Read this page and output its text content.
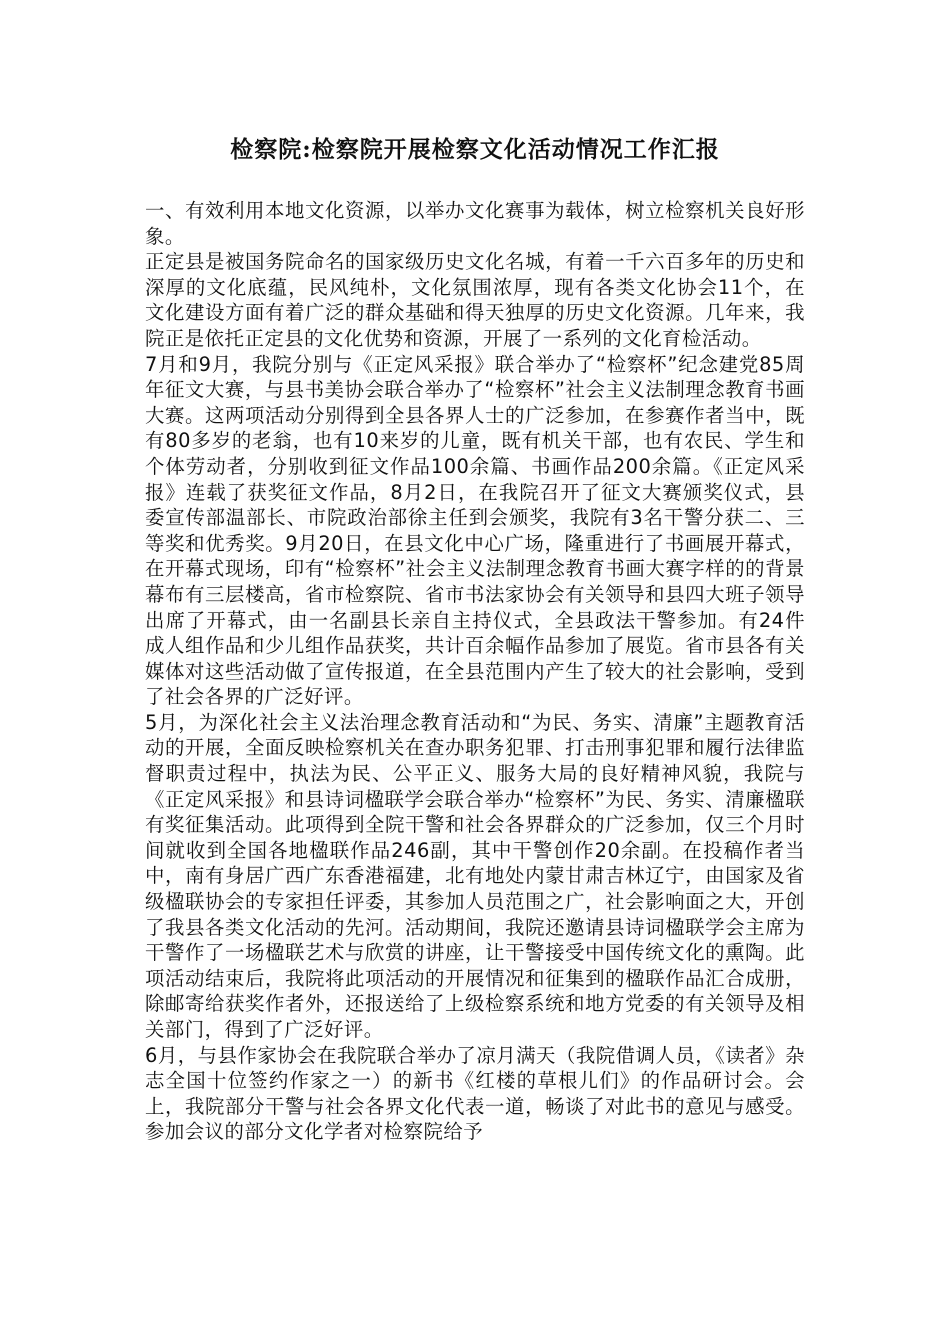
检察院:检察院开展检察文化活动情况工作汇报

一、有效利用本地文化资源，以举办文化赛事为载体，树立检察机关良好形象。

正定县是被国务院命名的国家级历史文化名城，有着一千六百多年的历史和深厚的文化底蕴，民风纯朴，文化氛围浓厚，现有各类文化协会11个，在文化建设方面有着广泛的群众基础和得天独厚的历史文化资源。几年来，我院正是依托正定县的文化优势和资源，开展了一系列的文化育检活动。

7月和9月，我院分别与《正定风采报》联合举办了“检察杯”纪念建党85周年征文大赛，与县书美协会联合举办了“检察杯”社会主义法制理念教育书画大赛。这两项活动分别得到全县各界人士的广泛参加，在参赛作者当中，既有80多岁的老翁，也有10来岁的儿童，既有机关干部，也有农民、学生和个体劳动者，分别收到征文作品100余篇、书画作品200余篇。《正定风采报》连载了获奖征文作品，8月2日，在我院召开了征文大赛颁奖仪式，县委宣传部温部长、市院政治部徐主任到会颁奖，我院有3名干警分获二、三等奖和优秀奖。9月20日，在县文化中心广场，隆重进行了书画展开幕式，在开幕式现场，印有“检察杯”社会主义法制理念教育书画大赛字样的的背景幕布有三层楼高，省市检察院、省市书法家协会有关领导和县四大班子领导出席了开幕式，由一名副县长亲自主持仪式，全县政法干警参加。有24件成人组作品和少儿组作品获奖，共计百余幅作品参加了展览。省市县各有关媒体对这些活动做了宣传报道，在全县范围内产生了较大的社会影响，受到了社会各界的广泛好评。

5月，为深化社会主义法治理念教育活动和“为民、务实、清廉”主题教育活动的开展，全面反映检察机关在查办职务犯罪、打击刑事犯罪和履行法律监督职责过程中，执法为民、公平正义、服务大局的良好精神风貌，我院与《正定风采报》和县诗词楹联学会联合举办“检察杯”为民、务实、清廉楹联有奖征集活动。此项得到全院干警和社会各界群众的广泛参加，仅三个月时间就收到全国各地楹联作品246副，其中干警创作20余副。在投稿作者当中，南有身居广西广东香港福建，北有地处内蒙甘肃吉林辽宁，由国家及省级楹联协会的专家担任评委，其参加人员范围之广，社会影响面之大，开创了我县各类文化活动的先河。活动期间，我院还邀请县诗词楹联学会主席为干警作了一场楹联艺术与欣赏的讲座，让干警接受中国传统文化的熏陶。此项活动结束后，我院将此项活动的开展情况和征集到的楹联作品汇合成册，除邮寄给获奖作者外，还报送给了上级检察系统和地方党委的有关领导及相关部门，得到了广泛好评。

6月，与县作家协会在我院联合举办了凉月满天（我院借调人员，《读者》杂志全国十位签约作家之一）的新书《红楼的草根儿们》的作品研讨会。会上，我院部分干警与社会各界文化代表一道，畅谈了对此书的意见与感受。参加会议的部分文化学者对检察院给予
